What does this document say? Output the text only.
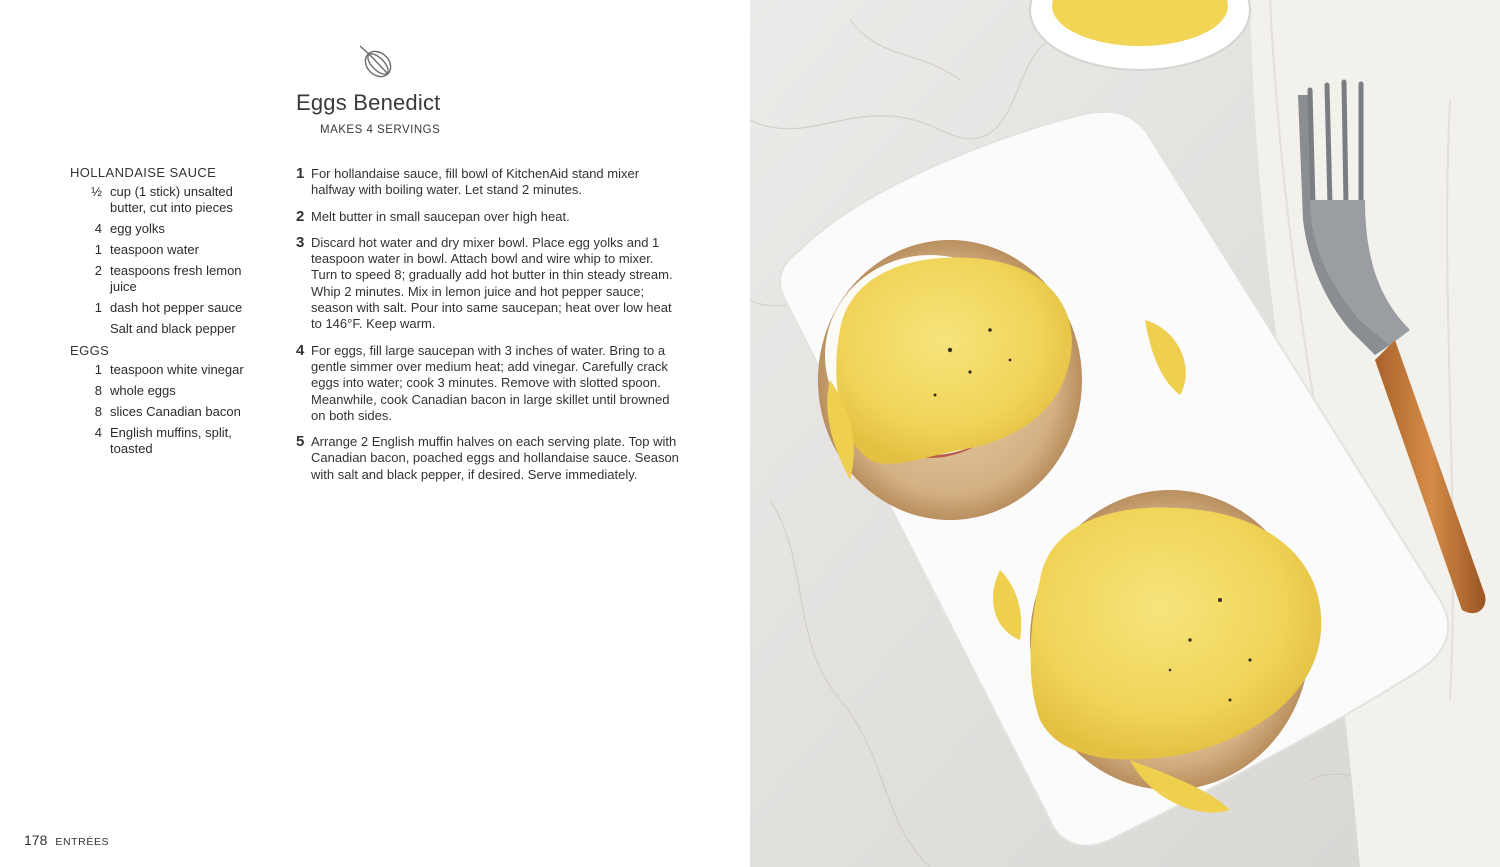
Eggs Benedict
MAKES 4 SERVINGS
HOLLANDAISE SAUCE
½ cup (1 stick) unsalted butter, cut into pieces
4 egg yolks
1 teaspoon water
2 teaspoons fresh lemon juice
1 dash hot pepper sauce
Salt and black pepper
EGGS
1 teaspoon white vinegar
8 whole eggs
8 slices Canadian bacon
4 English muffins, split, toasted
1 For hollandaise sauce, fill bowl of KitchenAid stand mixer halfway with boiling water. Let stand 2 minutes.
2 Melt butter in small saucepan over high heat.
3 Discard hot water and dry mixer bowl. Place egg yolks and 1 teaspoon water in bowl. Attach bowl and wire whip to mixer. Turn to speed 8; gradually add hot butter in thin steady stream. Whip 2 minutes. Mix in lemon juice and hot pepper sauce; season with salt. Pour into same saucepan; heat over low heat to 146°F. Keep warm.
4 For eggs, fill large saucepan with 3 inches of water. Bring to a gentle simmer over medium heat; add vinegar. Carefully crack eggs into water; cook 3 minutes. Remove with slotted spoon. Meanwhile, cook Canadian bacon in large skillet until browned on both sides.
5 Arrange 2 English muffin halves on each serving plate. Top with Canadian bacon, poached eggs and hollandaise sauce. Season with salt and black pepper, if desired. Serve immediately.
178 ENTRÉES
